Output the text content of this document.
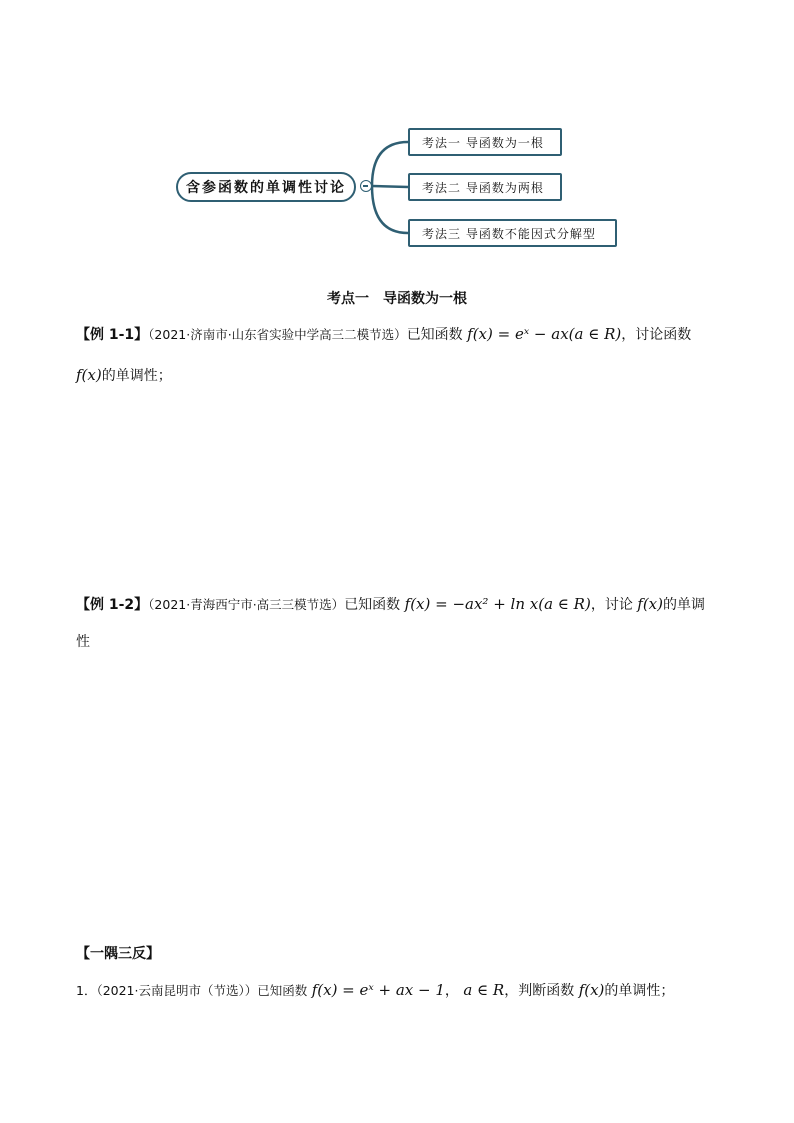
含参函数的单调性讨论
考法一 导函数为一根
考法二 导函数为两根
考法三 导函数不能因式分解型
考点一 导函数为一根
【例 1-1】（2021·济南市·山东省实验中学高三二模节选）已知函数 f(x) = eˣ − ax(a ∈ R)，讨论函数
f(x)的单调性；
【例 1-2】（2021·青海西宁市·高三三模节选）已知函数 f(x) = −ax² + ln x(a ∈ R)，讨论 f(x)的单调
性
【一隅三反】
1．（2021·云南昆明市（节选））已知函数 f(x) = eˣ + ax − 1， a ∈ R，判断函数 f(x)的单调性；
